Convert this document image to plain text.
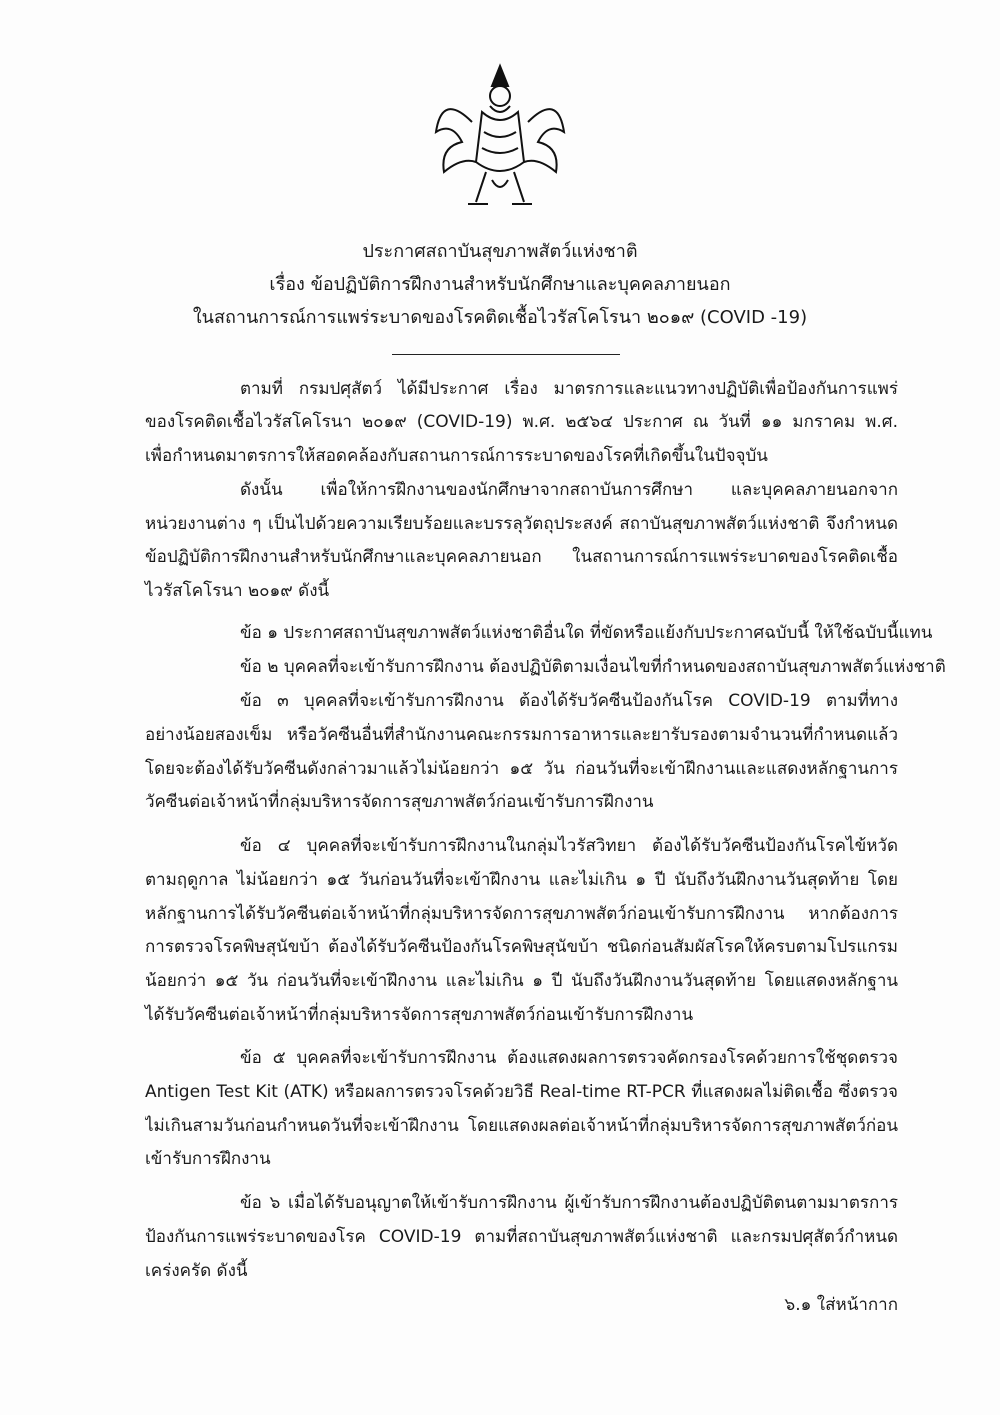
ประกาศสถาบันสุขภาพสัตว์แห่งชาติ
เรื่อง ข้อปฏิบัติการฝึกงานสำหรับนักศึกษาและบุคคลภายนอก
ในสถานการณ์การแพร่ระบาดของโรคติดเชื้อไวรัสโคโรนา ๒๐๑๙ (COVID -19)
ตามที่ กรมปศุสัตว์ ได้มีประกาศ เรื่อง มาตรการและแนวทางปฏิบัติเพื่อป้องกันการแพร่
ของโรคติดเชื้อไวรัสโคโรนา ๒๐๑๙ (COVID-19) พ.ศ. ๒๕๖๔ ประกาศ ณ วันที่ ๑๑ มกราคม พ.ศ.
เพื่อกำหนดมาตรการให้สอดคล้องกับสถานการณ์การระบาดของโรคที่เกิดขึ้นในปัจจุบัน
ดังนั้น เพื่อให้การฝึกงานของนักศึกษาจากสถาบันการศึกษา และบุคคลภายนอกจาก
หน่วยงานต่าง ๆ เป็นไปด้วยความเรียบร้อยและบรรลุวัตถุประสงค์ สถาบันสุขภาพสัตว์แห่งชาติ จึงกำหนด
ข้อปฏิบัติการฝึกงานสำหรับนักศึกษาและบุคคลภายนอก ในสถานการณ์การแพร่ระบาดของโรคติดเชื้อ
ไวรัสโคโรนา ๒๐๑๙ ดังนี้
ข้อ ๑ ประกาศสถาบันสุขภาพสัตว์แห่งชาติอื่นใด ที่ขัดหรือแย้งกับประกาศฉบับนี้ ให้ใช้ฉบับนี้แทน
ข้อ ๒ บุคคลที่จะเข้ารับการฝึกงาน ต้องปฏิบัติตามเงื่อนไขที่กำหนดของสถาบันสุขภาพสัตว์แห่งชาติ
ข้อ ๓ บุคคลที่จะเข้ารับการฝึกงาน ต้องได้รับวัคซีนป้องกันโรค COVID-19 ตามที่ทาง
อย่างน้อยสองเข็ม หรือวัคซีนอื่นที่สำนักงานคณะกรรมการอาหารและยารับรองตามจำนวนที่กำหนดแล้ว
โดยจะต้องได้รับวัคซีนดังกล่าวมาแล้วไม่น้อยกว่า ๑๕ วัน ก่อนวันที่จะเข้าฝึกงานและแสดงหลักฐานการ
วัคซีนต่อเจ้าหน้าที่กลุ่มบริหารจัดการสุขภาพสัตว์ก่อนเข้ารับการฝึกงาน
ข้อ ๔ บุคคลที่จะเข้ารับการฝึกงานในกลุ่มไวรัสวิทยา ต้องได้รับวัคซีนป้องกันโรคไข้หวัด
ตามฤดูกาล ไม่น้อยกว่า ๑๕ วันก่อนวันที่จะเข้าฝึกงาน และไม่เกิน ๑ ปี นับถึงวันฝึกงานวันสุดท้าย โดย
หลักฐานการได้รับวัคซีนต่อเจ้าหน้าที่กลุ่มบริหารจัดการสุขภาพสัตว์ก่อนเข้ารับการฝึกงาน หากต้องการ
การตรวจโรคพิษสุนัขบ้า ต้องได้รับวัคซีนป้องกันโรคพิษสุนัขบ้า ชนิดก่อนสัมผัสโรคให้ครบตามโปรแกรม
น้อยกว่า ๑๕ วัน ก่อนวันที่จะเข้าฝึกงาน และไม่เกิน ๑ ปี นับถึงวันฝึกงานวันสุดท้าย โดยแสดงหลักฐาน
ได้รับวัคซีนต่อเจ้าหน้าที่กลุ่มบริหารจัดการสุขภาพสัตว์ก่อนเข้ารับการฝึกงาน
ข้อ ๕ บุคคลที่จะเข้ารับการฝึกงาน ต้องแสดงผลการตรวจคัดกรองโรคด้วยการใช้ชุดตรวจ
Antigen Test Kit (ATK) หรือผลการตรวจโรคด้วยวิธี Real-time RT-PCR ที่แสดงผลไม่ติดเชื้อ ซึ่งตรวจ
ไม่เกินสามวันก่อนกำหนดวันที่จะเข้าฝึกงาน โดยแสดงผลต่อเจ้าหน้าที่กลุ่มบริหารจัดการสุขภาพสัตว์ก่อน
เข้ารับการฝึกงาน
ข้อ ๖ เมื่อได้รับอนุญาตให้เข้ารับการฝึกงาน ผู้เข้ารับการฝึกงานต้องปฏิบัติตนตามมาตรการ
ป้องกันการแพร่ระบาดของโรค COVID-19 ตามที่สถาบันสุขภาพสัตว์แห่งชาติ และกรมปศุสัตว์กำหนด
เคร่งครัด ดังนี้
๖.๑ ใส่หน้ากาก
